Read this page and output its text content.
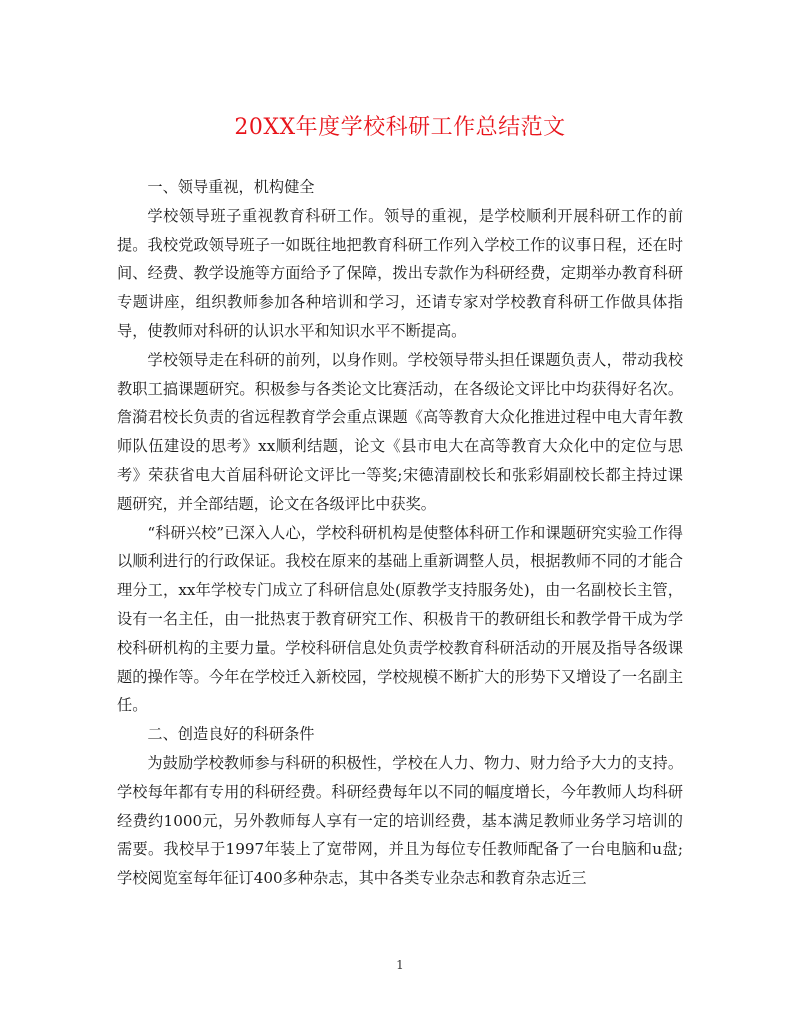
20XX年度学校科研工作总结范文

一、领导重视，机构健全

学校领导班子重视教育科研工作。领导的重视，是学校顺利开展科研工作的前提。我校党政领导班子一如既往地把教育科研工作列入学校工作的议事日程，还在时间、经费、教学设施等方面给予了保障，拨出专款作为科研经费，定期举办教育科研专题讲座，组织教师参加各种培训和学习，还请专家对学校教育科研工作做具体指导，使教师对科研的认识水平和知识水平不断提高。

学校领导走在科研的前列，以身作则。学校领导带头担任课题负责人，带动我校教职工搞课题研究。积极参与各类论文比赛活动，在各级论文评比中均获得好名次。詹漪君校长负责的省远程教育学会重点课题《高等教育大众化推进过程中电大青年教师队伍建设的思考》xx顺利结题，论文《县市电大在高等教育大众化中的定位与思考》荣获省电大首届科研论文评比一等奖;宋德清副校长和张彩娟副校长都主持过课题研究，并全部结题，论文在各级评比中获奖。

“科研兴校”已深入人心，学校科研机构是使整体科研工作和课题研究实验工作得以顺利进行的行政保证。我校在原来的基础上重新调整人员，根据教师不同的才能合理分工，xx年学校专门成立了科研信息处(原教学支持服务处)，由一名副校长主管，设有一名主任，由一批热衷于教育研究工作、积极肯干的教研组长和教学骨干成为学校科研机构的主要力量。学校科研信息处负责学校教育科研活动的开展及指导各级课题的操作等。今年在学校迁入新校园，学校规模不断扩大的形势下又增设了一名副主任。

二、创造良好的科研条件

为鼓励学校教师参与科研的积极性，学校在人力、物力、财力给予大力的支持。学校每年都有专用的科研经费。科研经费每年以不同的幅度增长，今年教师人均科研经费约1000元，另外教师每人享有一定的培训经费，基本满足教师业务学习培训的需要。我校早于1997年装上了宽带网，并且为每位专任教师配备了一台电脑和u盘;学校阅览室每年征订400多种杂志，其中各类专业杂志和教育杂志近三

1
